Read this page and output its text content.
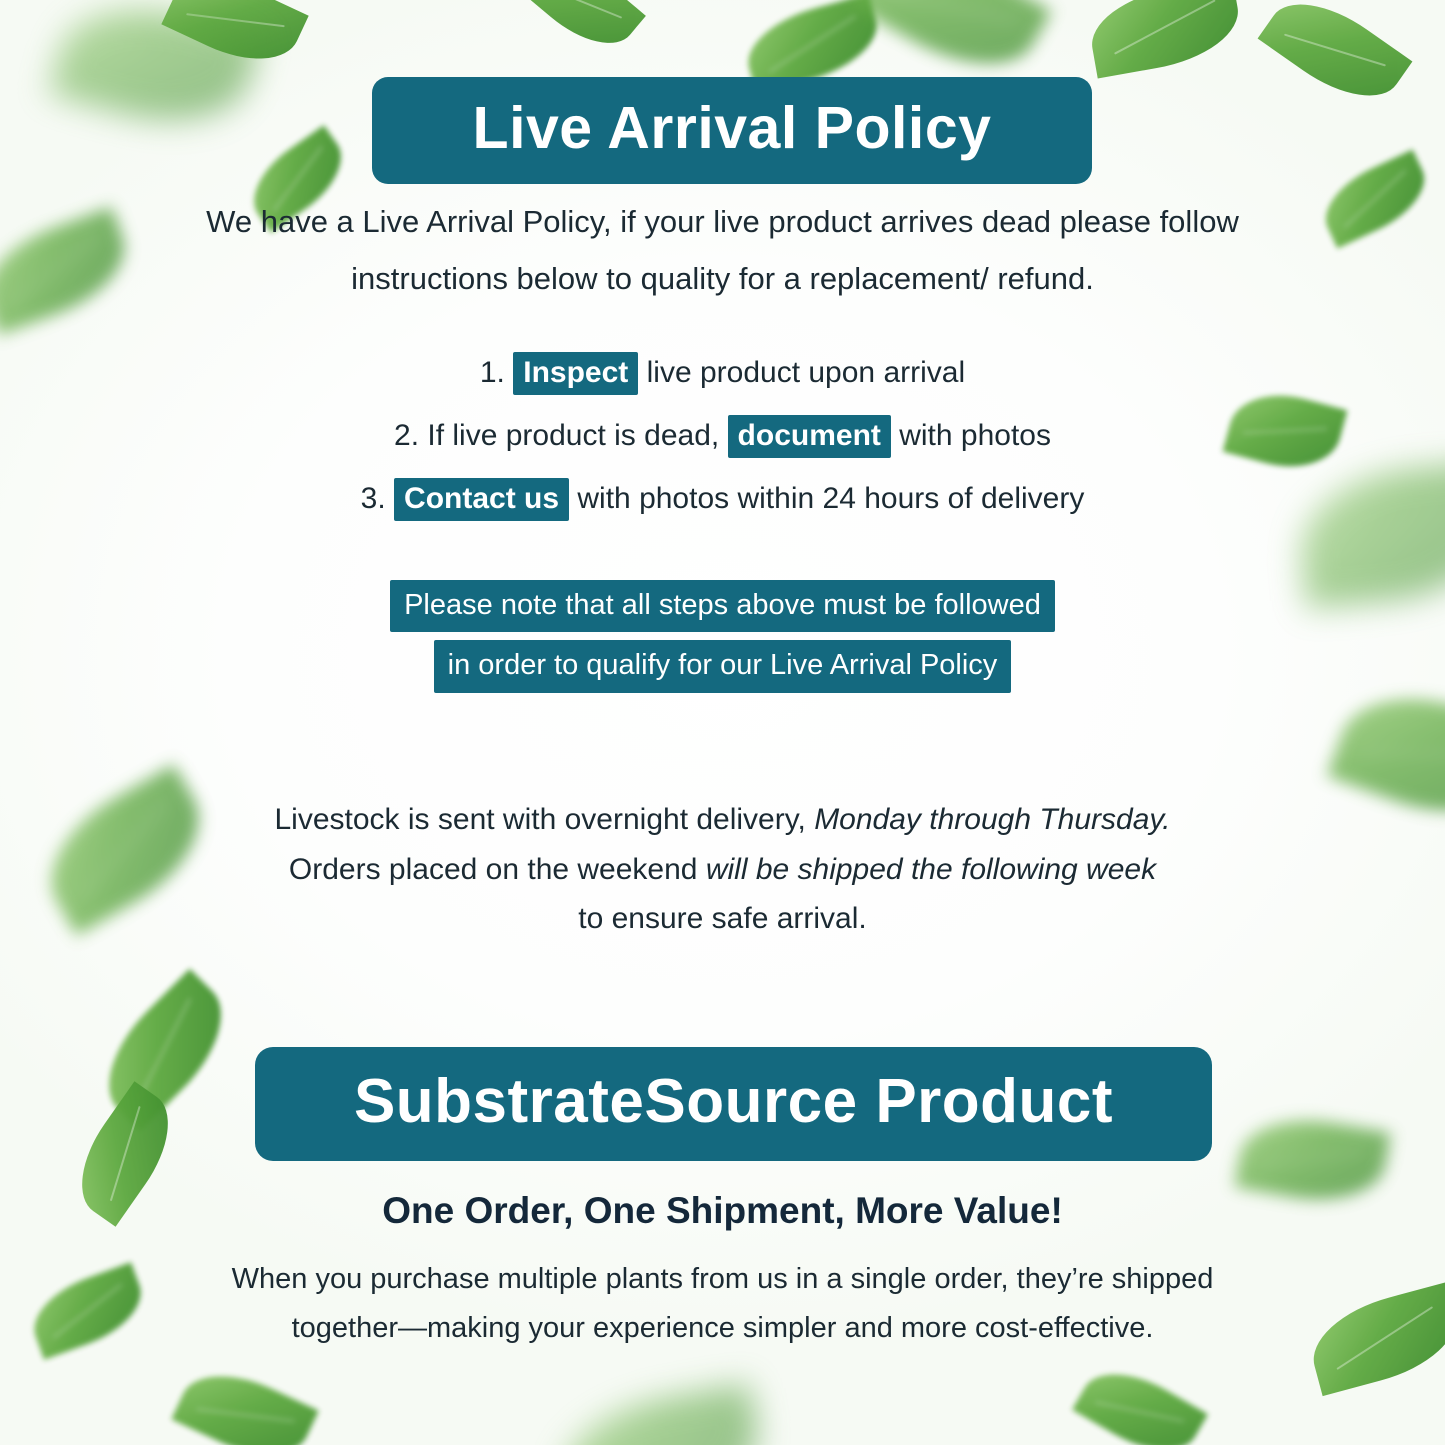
Live Arrival Policy
We have a Live Arrival Policy, if your live product arrives dead please follow
instructions below to quality for a replacement/ refund.
1. Inspect live product upon arrival
2. If live product is dead, document with photos
3. Contact us with photos within 24 hours of delivery
Please note that all steps above must be followed
in order to qualify for our Live Arrival Policy
Livestock is sent with overnight delivery, Monday through Thursday.
Orders placed on the weekend will be shipped the following week
to ensure safe arrival.
SubstrateSource Product
One Order, One Shipment, More Value!
When you purchase multiple plants from us in a single order, they’re shipped
together—making your experience simpler and more cost-effective.
